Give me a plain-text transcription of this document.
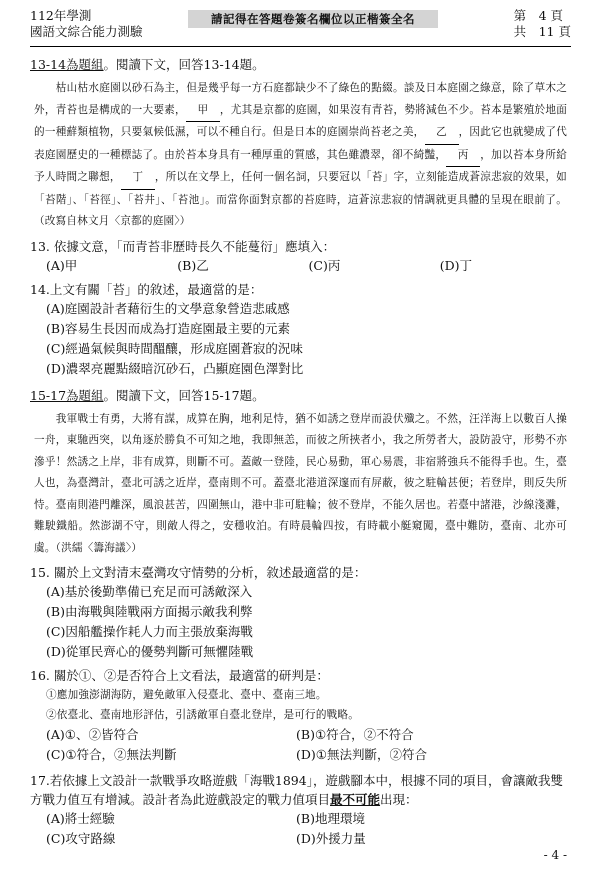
112年學測
國語文綜合能力測驗
請記得在答題卷簽名欄位以正楷簽全名	第　4 頁
共　11 頁
13-14為題組。閱讀下文，回答13-14題。
　　枯山枯水庭園以砂石為主，但是幾乎每一方石庭都缺少不了綠色的點綴。談及日本庭園之綠意，除了草木之外，青苔也是構成的一大要素， 甲 ，尤其是京都的庭園，如果沒有青苔，勢將減色不少。苔本是繁殖於地面的一種蘚類植物，只要氣候低濕，可以不種自行。但是日本的庭園崇尚苔老之美， 乙 ，因此它也就變成了代表庭園歷史的一種標誌了。由於苔本身具有一種厚重的質感，其色雖濃翠，卻不綺豔， 丙 ，加以苔本身所給予人時間之聯想， 丁 ，所以在文學上，任何一個名詞，只要冠以「苔」字，立刻能造成蒼涼悲寂的效果，如「苔階」、「苔徑」、「苔井」、「苔池」。而當你面對京都的苔庭時，這蒼涼悲寂的情調就更具體的呈現在眼前了。（改寫自林文月〈京都的庭園〉）
13. 依據文意，「而青苔非歷時長久不能蔓衍」應填入：
(A)甲	(B)乙	(C)丙	(D)丁
14.上文有關「苔」的敘述，最適當的是：
(A)庭園設計者藉衍生的文學意象營造悲戚感
(B)容易生長因而成為打造庭園最主要的元素
(C)經過氣候與時間醞釀，形成庭園蒼寂的況味
(D)濃翠亮麗點綴暗沉砂石，凸顯庭園色澤對比
15-17為題組。閱讀下文，回答15-17題。
　　我軍戰士有勇，大將有謀，成算在胸，地利足恃，猶不如誘之登岸而設伏殲之。不然，汪洋海上以數百人操一舟，東馳西突，以角逐於勝負不可知之地，我即無恙，而彼之所挾者小，我之所勞者大，設防設守，形勢不亦滲乎！然誘之上岸，非有成算，則斷不可。蓋敵一登陸，民心易動，軍心易震，非宿將強兵不能得手也。生，臺人也，為臺灣計，臺北可誘之近岸，臺南則不可。蓋臺北港道深邃而有屏蔽，彼之駐輪甚便；若登岸，則反失所恃。臺南則港門離深，風浪甚苦，四圍無山，港中非可駐輪；彼不登岸，不能久居也。若臺中諸港，沙線淺灘，難駛鐵船。然澎湖不守，則敵人得之，安穩收泊。有時晨輪四按，有時載小艇窺闖，臺中難防，臺南、北亦可虞。（洪繻〈籌海議〉）
15. 關於上文對清末臺灣攻守情勢的分析，敘述最適當的是：
(A)基於後勤準備已充足而可誘敵深入
(B)由海戰與陸戰兩方面揭示敵我利弊
(C)因船艦操作耗人力而主張放棄海戰
(D)從軍民齊心的優勢判斷可無懼陸戰
16. 關於①、②是否符合上文看法，最適當的研判是：
①應加強澎湖海防，避免敵軍入侵臺北、臺中、臺南三地。
②依臺北、臺南地形評估，引誘敵軍自臺北登岸，是可行的戰略。
(A)①、②皆符合	(B)①符合，②不符合
(C)①符合，②無法判斷	(D)①無法判斷，②符合
17.若依據上文設計一款戰爭攻略遊戲「海戰1894」，遊戲腳本中，根據不同的項目，會讓敵我雙方戰力值互有增減。設計者為此遊戲設定的戰力值項目最不可能出現：
(A)將士經驗	(B)地理環境
(C)攻守路線	(D)外援力量
- 4 -
